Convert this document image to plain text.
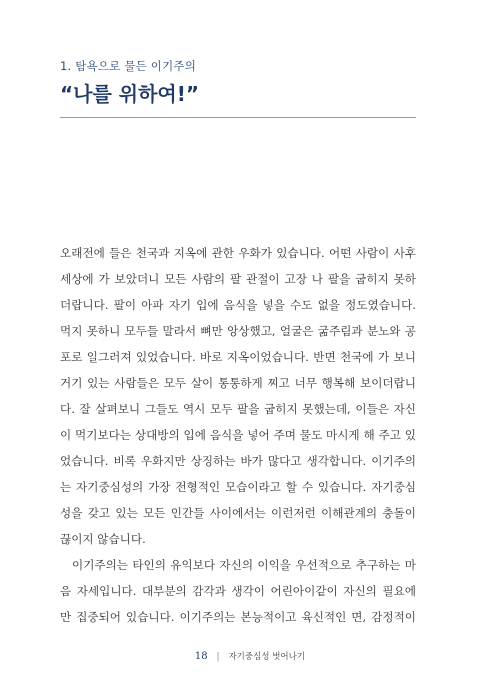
1. 탐욕으로 물든 이기주의
“나를 위하여!”

오래전에 들은 천국과 지옥에 관한 우화가 있습니다. 어떤 사람이 사후
세상에 가 보았더니 모든 사람의 팔 관절이 고장 나 팔을 굽히지 못하
더랍니다. 팔이 아파 자기 입에 음식을 넣을 수도 없을 정도였습니다.
먹지 못하니 모두들 말라서 뼈만 앙상했고, 얼굴은 굶주림과 분노와 공
포로 일그러져 있었습니다. 바로 지옥이었습니다. 반면 천국에 가 보니
거기 있는 사람들은 모두 살이 통통하게 찌고 너무 행복해 보이더랍니
다. 잘 살펴보니 그들도 역시 모두 팔을 굽히지 못했는데, 이들은 자신
이 먹기보다는 상대방의 입에 음식을 넣어 주며 물도 마시게 해 주고 있
었습니다. 비록 우화지만 상징하는 바가 많다고 생각합니다. 이기주의
는 자기중심성의 가장 전형적인 모습이라고 할 수 있습니다. 자기중심
성을 갖고 있는 모든 인간들 사이에서는 이런저런 이해관계의 충돌이
끊이지 않습니다.

이기주의는 타인의 유익보다 자신의 이익을 우선적으로 추구하는 마
음 자세입니다. 대부분의 감각과 생각이 어린아이같이 자신의 필요에
만 집중되어 있습니다. 이기주의는 본능적이고 육신적인 면, 감정적이

18 | 자기중심성 벗어나기
